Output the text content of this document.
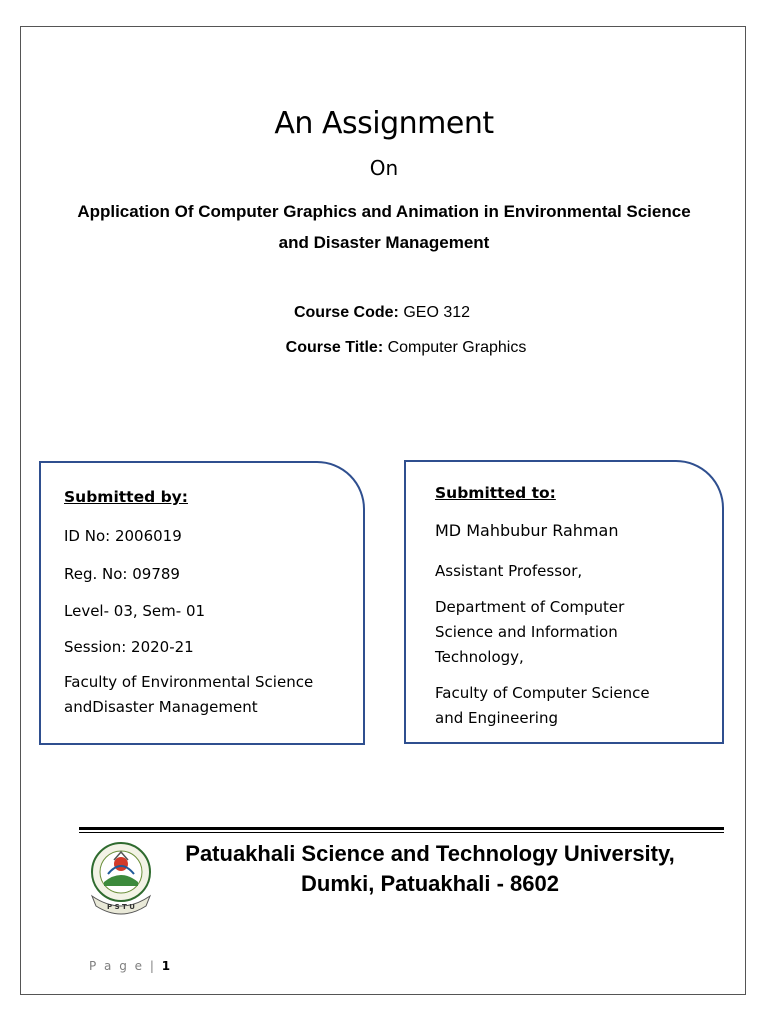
An Assignment
On
Application Of Computer Graphics and Animation in Environmental Science and Disaster Management
Course Code: GEO 312
Course Title: Computer Graphics
Submitted by:
ID No: 2006019
Reg. No: 09789
Level- 03, Sem- 01
Session: 2020-21
Faculty of Environmental Science andDisaster Management
Submitted to:
MD Mahbubur Rahman
Assistant Professor,
Department of Computer Science and Information Technology,
Faculty of Computer Science and Engineering
P S T U
Patuakhali Science and Technology University,
Dumki, Patuakhali - 8602
P a g e | 1
